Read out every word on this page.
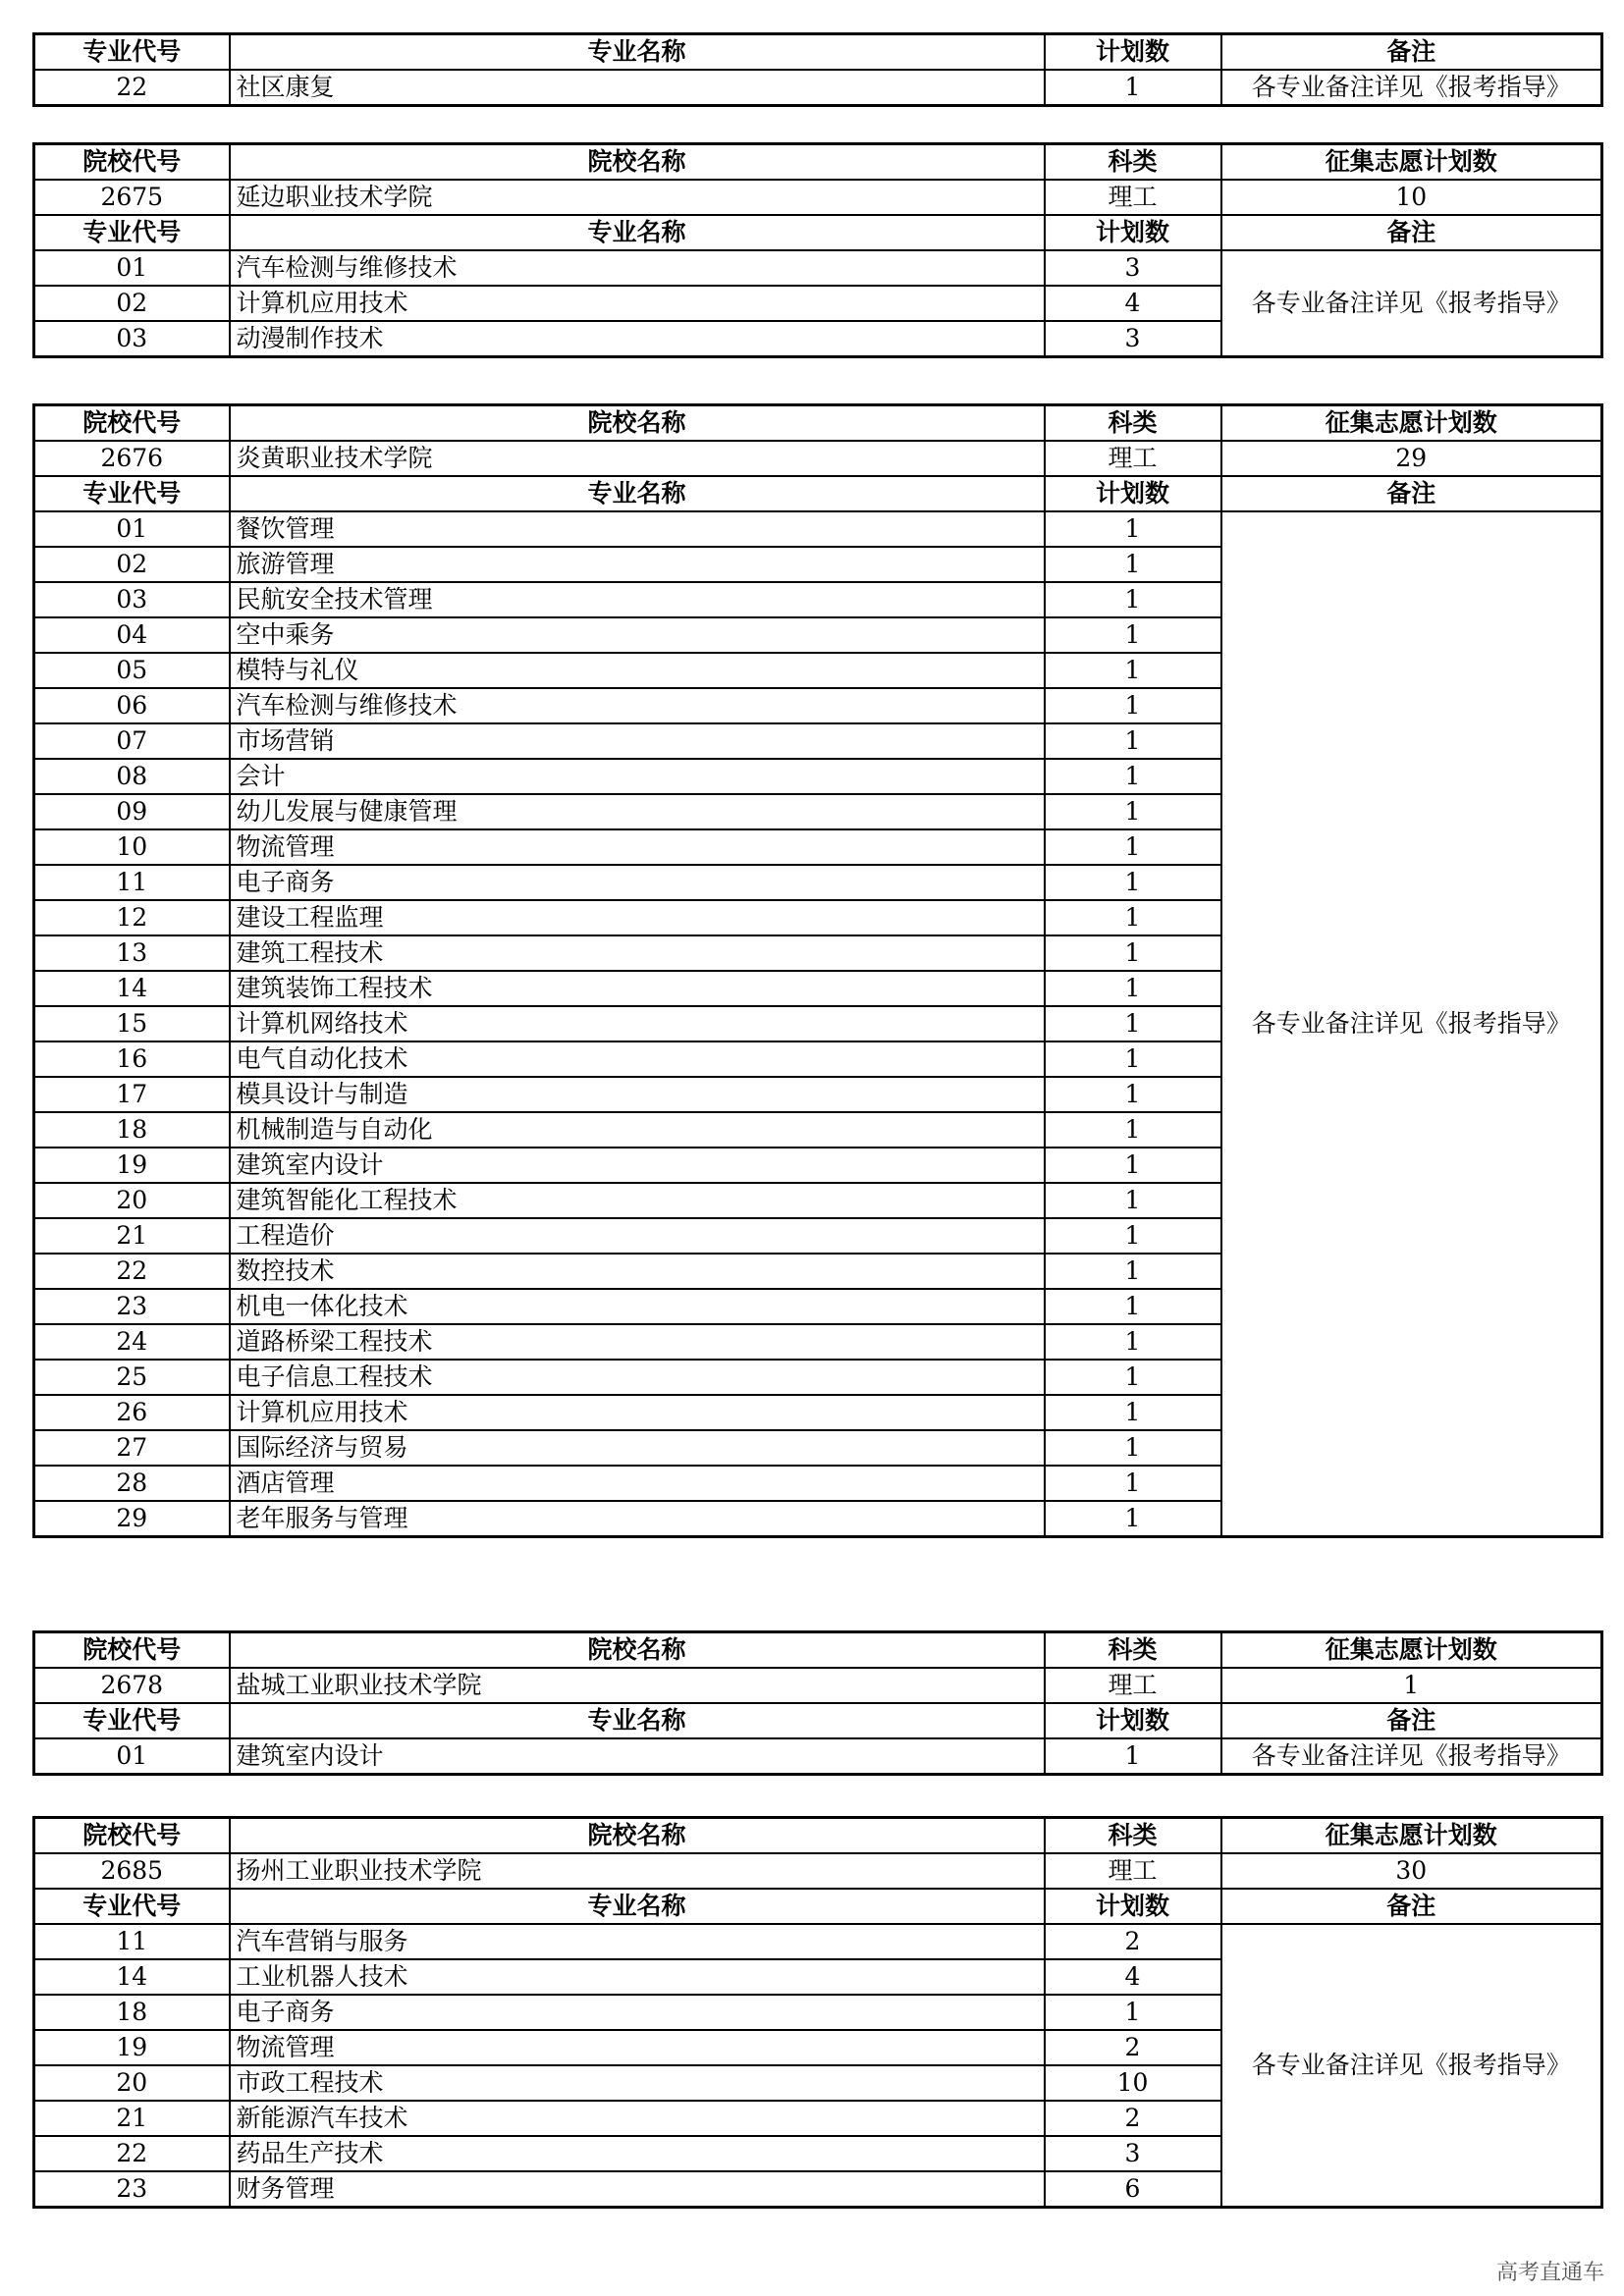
专业代号	专业名称	计划数	备注
22	社区康复	1	各专业备注详见《报考指导》
院校代号	院校名称	科类	征集志愿计划数
2675	延边职业技术学院	理工	10
专业代号	专业名称	计划数	备注
01	汽车检测与维修技术	3	各专业备注详见《报考指导》
02	计算机应用技术	4	
03	动漫制作技术	3	
院校代号	院校名称	科类	征集志愿计划数
2676	炎黄职业技术学院	理工	29
专业代号	专业名称	计划数	备注
01	餐饮管理	1	各专业备注详见《报考指导》
02	旅游管理	1	
03	民航安全技术管理	1	
04	空中乘务	1	
05	模特与礼仪	1	
06	汽车检测与维修技术	1	
07	市场营销	1	
08	会计	1	
09	幼儿发展与健康管理	1	
10	物流管理	1	
11	电子商务	1	
12	建设工程监理	1	
13	建筑工程技术	1	
14	建筑装饰工程技术	1	
15	计算机网络技术	1	
16	电气自动化技术	1	
17	模具设计与制造	1	
18	机械制造与自动化	1	
19	建筑室内设计	1	
20	建筑智能化工程技术	1	
21	工程造价	1	
22	数控技术	1	
23	机电一体化技术	1	
24	道路桥梁工程技术	1	
25	电子信息工程技术	1	
26	计算机应用技术	1	
27	国际经济与贸易	1	
28	酒店管理	1	
29	老年服务与管理	1	
院校代号	院校名称	科类	征集志愿计划数
2678	盐城工业职业技术学院	理工	1
专业代号	专业名称	计划数	备注
01	建筑室内设计	1	各专业备注详见《报考指导》
院校代号	院校名称	科类	征集志愿计划数
2685	扬州工业职业技术学院	理工	30
专业代号	专业名称	计划数	备注
11	汽车营销与服务	2	各专业备注详见《报考指导》
14	工业机器人技术	4	
18	电子商务	1	
19	物流管理	2	
20	市政工程技术	10	
21	新能源汽车技术	2	
22	药品生产技术	3	
23	财务管理	6	
高考直通车
